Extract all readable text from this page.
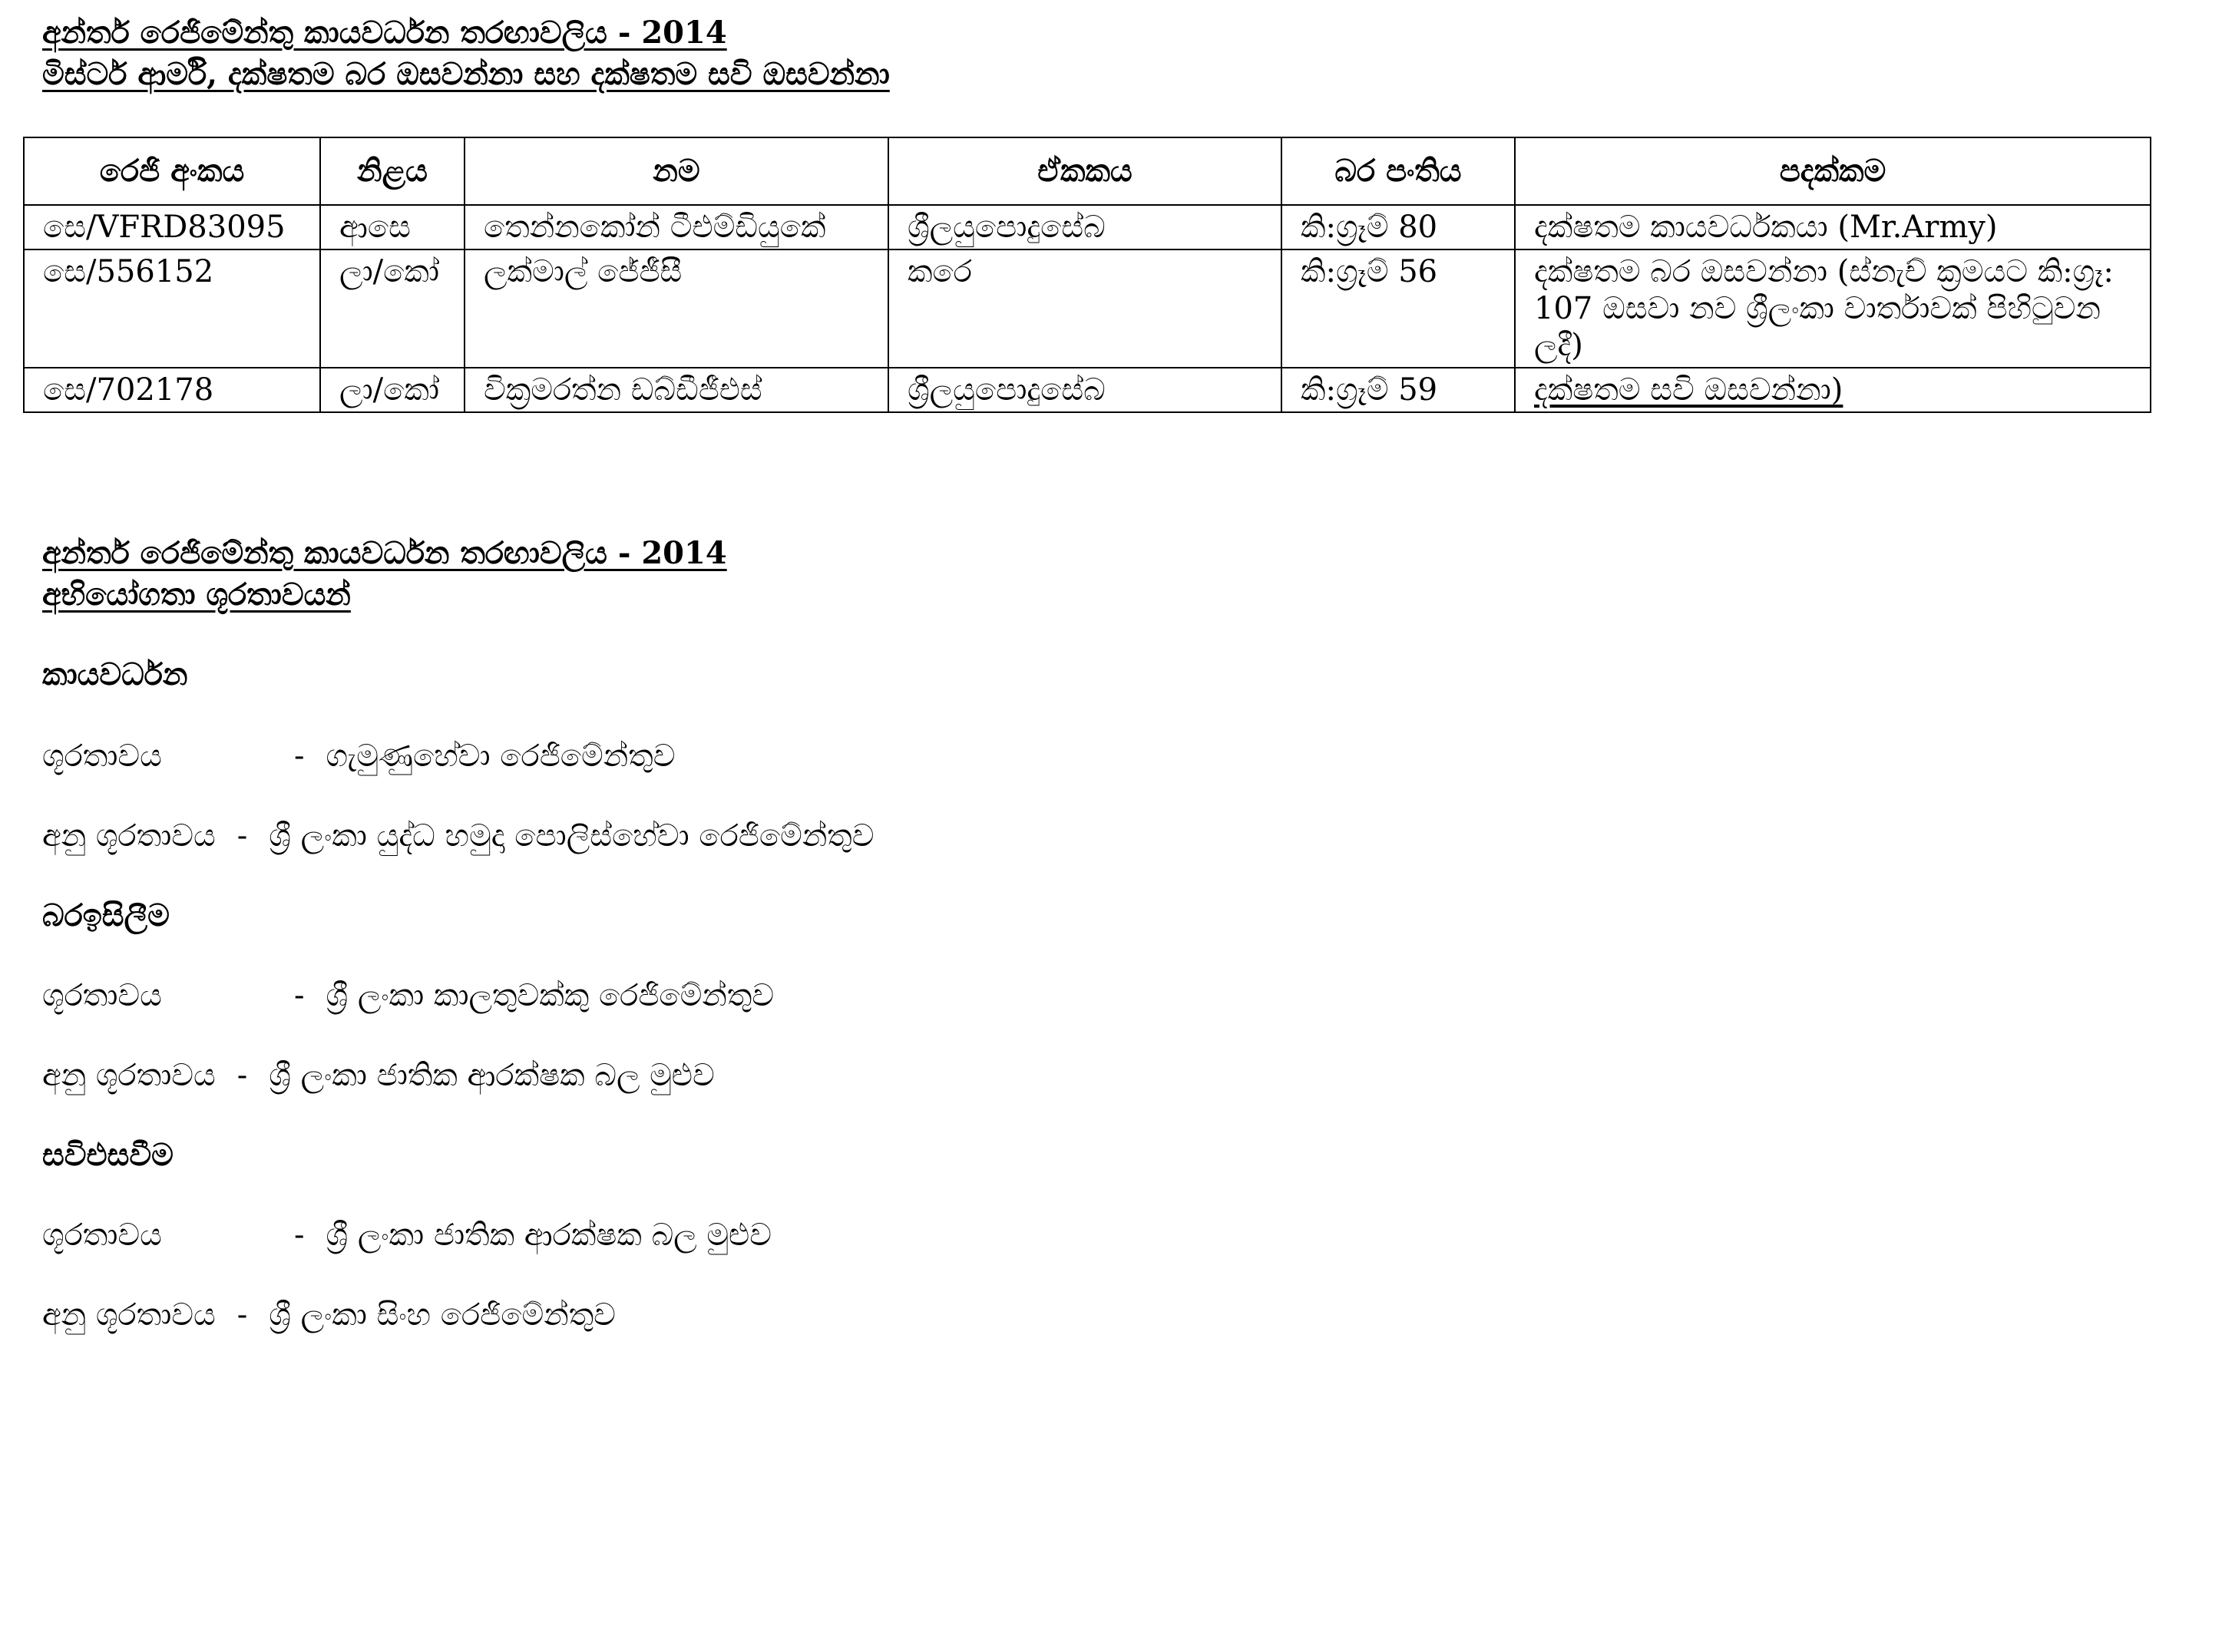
අන්තර් රෙජිමේන්තු කායවර්ධන තරඟාවලිය - 2014
මිස්ටර් ආර්මි, දක්ෂතම බර ඔසවන්නා සහ දක්ෂතම සවි ඔසවන්නා
රෙජි අංකය	නිළය	නම	ඒකකය	බර පංතිය	පදක්කම
සෙ/VFRD83095	ආසෙ	තෙන්නකෝන් ටීඑම්ඩියුකේ	ශ්‍රීලයුපොදුසේබ	කි:ග්‍රෑම් 80	දක්ෂතම කායවර්ධකයා (Mr.Army)
සෙ/556152	ලා/කෝ	ලක්මාල් ජේජීසී	කරෙ	කි:ග්‍රෑම් 56	දක්ෂතම බර ඔසවන්නා (ස්නැච් ක්‍රමයට කි:ග්‍රෑ: 107 ඔසවා නව ශ්‍රීලංකා වාර්තාවක් පිහිටුවන ලදී)
සෙ/702178	ලා/කෝ	වික්‍රමරත්න ඩබ්ඩීජීඑස්	ශ්‍රීලයුපොදුසේබ	කි:ග්‍රෑම් 59	දක්ෂතම සවි ඔසවන්නා)
අන්තර් රෙජිමේන්තු කායවර්ධන තරඟාවලිය - 2014
අභියෝගතා ශූරතාවයන්
කායවර්ධන
ශූරතාවය	- ගැමුණුහේවා රෙජිමේන්තුව
අනු ශූරතාවය - ශ්‍රී ලංකා යුද්ධ හමුදා පොලිස්හේවා රෙජිමේන්තුව
බරඉසිලීම
ශූරතාවය	- ශ්‍රී ලංකා කාලතුවක්කු රෙජිමේන්තුව
අනු ශූරතාවය - ශ්‍රී ලංකා ජාතික ආරක්ෂක බල මුළුව
සවිඑසවීම
ශූරතාවය	- ශ්‍රී ලංකා ජාතික ආරක්ෂක බල මුළුව
අනු ශූරතාවය - ශ්‍රී ලංකා සිංහ රෙජිමේන්තුව
